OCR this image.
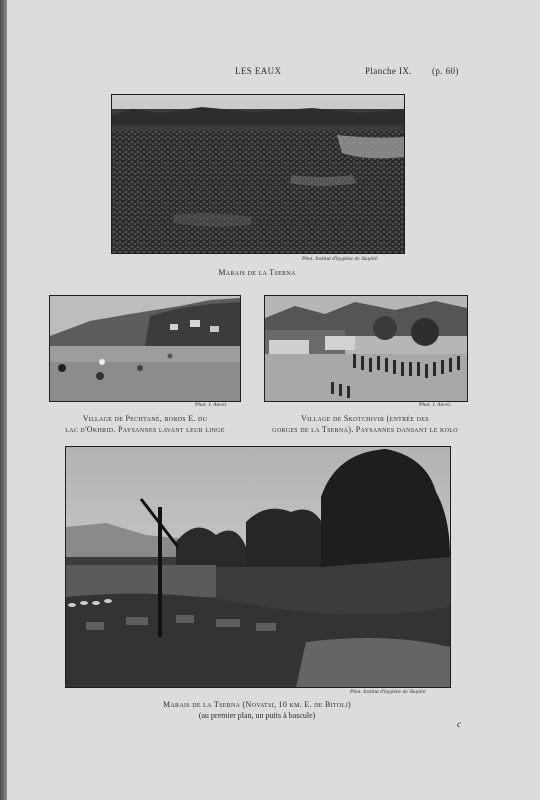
LES EAUX	Planche IX. (p. 60)
Phot. Institut d'hygiène de Skoplié.
Marais de la Tserna
Phot. J. Ancel.
Village de Pechtané, bords E. du
lac d'Okhrid. Paysannes lavant leur linge
Phot. J. Ancel.
Village de Skotchivir (entrée des
gorges de la Tserna). Paysannes dansant le kolo
Phot. Institut d'hygiène de Skoplié.
Marais de la Tserna (Novatsi, 10 km. E. de Bitolj)
(au premier plan, un puits à bascule)
c
